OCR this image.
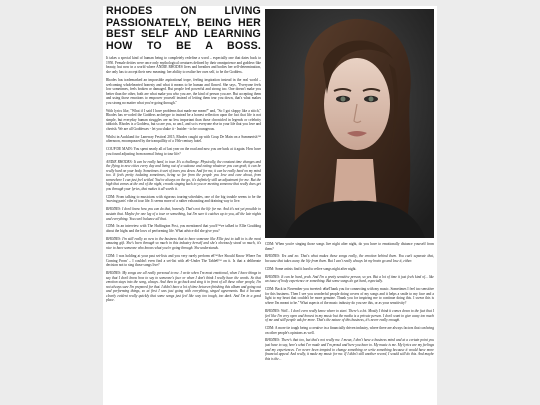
RHODES ON LIVING
PASSIONATELY, BEING HER
BEST SELF AND LEARNING
HOW TO BE A BOSS.

It takes a special kind of human being to completely redefine a word – especially one that dates back to 1950. Female deities were once only mythological creatures defined by their omnipotence and goddess-like beauty, but now in a world where ANDIE RHODES lives and breathes and bodies her self-determination, she only has to accept their new meaning: her ability to realise her own self, to be the Goddess.

Rhodes has trademarked an impossible aspirational trope, feeling inspiration instead in the real world – welcoming wholehearted honesty and what it means to be human and flawed. She says, "Everyone feels low sometimes, feels broken or damaged. But people feel powerful and strong too. One doesn't make you better than the other, both are what make you who you are, the kind of person you are. But accepting them and using those emotions to empower yourself instead of letting them tear you down, that's what makes you strong no matter what you're going through."

With lyrics like, "What if I said I have problems that made me mean?" and, "So I got sloppy like a stitch," Rhodes has re-coded the Goddess archetype to instead be a honest reflection upon the fact that life is not simple, but everyday human struggles are no less important than those chronicled in legends or celebrity tabloids. Rhodes is a Goddess, but so are you, so am I, and so is everyone else in your life that you love and cherish. We are all Goddesses - let you shake it - Insider - to be courageous.

Whilst in Auckland for Laneway Festival 2015, Rhodes caught up with Coup De Main on a Summerish™ afternoon, encompassed by the tranquillity of a 19th-century hotel.

COUP DE MAIN: You spent nearly all of last year on the road and now you are back at it again. How have you found adjusting from normal living to tour life?

ANDIE RHODES: It can be really hard, to tour. It's a challenge. Physically, the constant time changes and the flying to new cities every day and living out of a suitcase and eating whatever you can grab, it can be really hard on your body. Sometimes it sort of tears you down. And for me, it can be really hard on my mind too. It feels pretty isolating sometimes, being so far from the people you love and care about, from somewhere I can just feel settled. You've always on the go, it's definitely still an adjustment for me. But the high that comes at the end of the night, crowds singing back to you or meeting someone that really does get you through your lyrics, that makes it all worth it.

CDM: From talking to musicians with rigorous touring-schedules, one of the big trouble seems to be the 'moving parts' vibe of tour life. It seems more of a rather exhausting and draining way to live.

RHODES: I don't know how you can do that, honestly. That's not the life for me. And it's not yet possible to sustain that. Maybe for one leg of a tour or something, but I'm sure it catches up to you, all the late nights and everything. You can't balance all that.

CDM: In an interview with The Huffington Post, you mentioned that you'd™ve talked to Ellie Goulding about the highs and the lows of performing life. What advice did she give you?

RHODES: I'm still really so new to the business that to have someone like Ellie just to talk to is the most amazing gift. She's been through so much in this industry herself and she's obviously stood so much, it's nice to have someone who knows what you're going through. She understands.

CDM: I was holding at your past set-lists and you very rarely perform a€™Are Should Know Where I'm Coming From' – I couldn't even find a set-list with a€~Under The Table€™ on it. Is that a deliberate decision not to sing those songs live?

RHODES: My songs are all really personal to me. I write when I'm most emotional, when I have things to say that I don't know how to say to someone's face or when I don't think I really have the words. So that emotion stays into the song, always. And then to go back and sing it in front of all these other people, I'm not always sure I'm prepared for that. I didn't have a lot of time between finishing this album and going out and performing things, so at first I was just going with everything, singed agreements. But it became clearly evident really quickly that some songs just feel like way too tough, too dark. And I'm in a good place.

CDM: When you're singing those songs live night after night, do you have to emotionally distance yourself from them?

RHODES: Yes and no. That's what makes those songs really, the emotion behind them. You can't separate that, because that takes away the life from them. But I can't really always let my brain go and lose it, either.

CDM: Some artists find it hard to relive songs night after night.

RHODES: It can be hard, yeah. And I'm a pretty sensitive person, so yes. But a lot of time it just feels kind of... like an issue of body experience or something. But some songs do get hard, especially.

CDM: Back in November you tweeted: a€œThank you for connecting with my music. Sometimes I feel too sensitive for this business. Then I see you wonderful people doing covers of my songs and it helps a smile to my face and a light to my heart that couldn't be more genuine. Thank you for inspiring me to continue doing this. I swear this is where I'm meant to be." What aspects of the music industry do you see this, or as your sensitivity?

RHODES: Well... I don't even really know where to start. There's a lot. Mostly I think it comes down to the fact that I feel like I'm very open and honest in my music but the media is a private person. I don't want to give away too much of me and still people ask for more. That's the nature of this business, it's never really enough.

CDM: A more tie tough being a creative in a financially driven industry, where there are always factors that can bring on other people's opinions as well.

RHODES: There's that too, but that's not really me. I mean, I don't have a business mind and at a certain point you just have to say, here's what I've made and I'm proud and here you have to. My music is me. My lyrics are my feelings and my experiences. I've never been tempted to change something or write something because it would have more financial appeal. And really, it made my music for me. If I didn't still another record, I would still do this. And maybe this is the...
